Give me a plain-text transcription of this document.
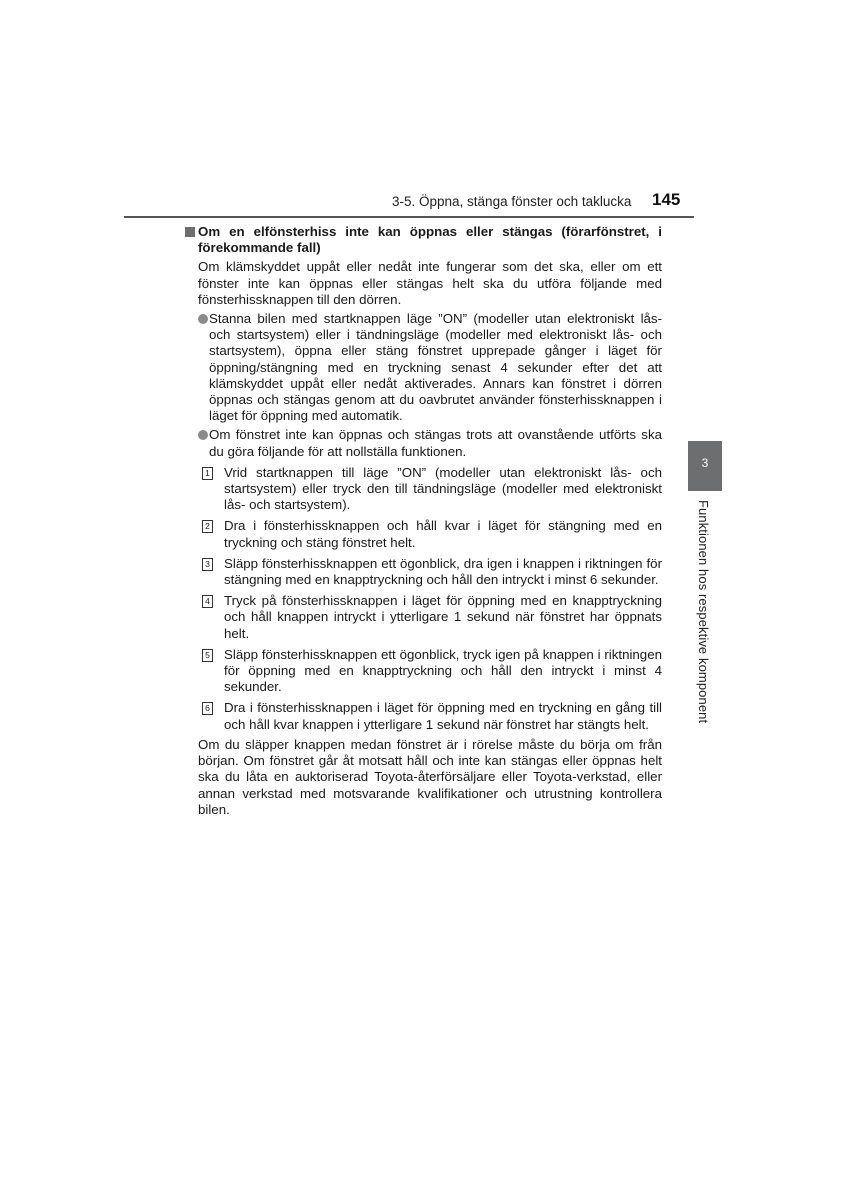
3-5. Öppna, stänga fönster och taklucka 145
3
Funktionen hos respektive komponent
Om en elfönsterhiss inte kan öppnas eller stängas (förarfönstret, i förekommande fall)
Om klämskyddet uppåt eller nedåt inte fungerar som det ska, eller om ett fönster inte kan öppnas eller stängas helt ska du utföra följande med fönsterhissknappen till den dörren.
Stanna bilen med startknappen läge ”ON” (modeller utan elektroniskt lås- och startsystem) eller i tändningsläge (modeller med elektroniskt lås- och startsystem), öppna eller stäng fönstret upprepade gånger i läget för öppning/stängning med en tryckning senast 4 sekunder efter det att klämskyddet uppåt eller nedåt aktiverades. Annars kan fönstret i dörren öppnas och stängas genom att du oavbrutet använder fönsterhissknappen i läget för öppning med automatik.
Om fönstret inte kan öppnas och stängas trots att ovanstående utförts ska du göra följande för att nollställa funktionen.
1 Vrid startknappen till läge ”ON” (modeller utan elektroniskt lås- och startsystem) eller tryck den till tändningsläge (modeller med elektroniskt lås- och startsystem).
2 Dra i fönsterhissknappen och håll kvar i läget för stängning med en tryckning och stäng fönstret helt.
3 Släpp fönsterhissknappen ett ögonblick, dra igen i knappen i riktningen för stängning med en knapptryckning och håll den intryckt i minst 6 sekunder.
4 Tryck på fönsterhissknappen i läget för öppning med en knapptryckning och håll knappen intryckt i ytterligare 1 sekund när fönstret har öppnats helt.
5 Släpp fönsterhissknappen ett ögonblick, tryck igen på knappen i riktningen för öppning med en knapptryckning och håll den intryckt i minst 4 sekunder.
6 Dra i fönsterhissknappen i läget för öppning med en tryckning en gång till och håll kvar knappen i ytterligare 1 sekund när fönstret har stängts helt.
Om du släpper knappen medan fönstret är i rörelse måste du börja om från början. Om fönstret går åt motsatt håll och inte kan stängas eller öppnas helt ska du låta en auktoriserad Toyota-återförsäljare eller Toyota-verkstad, eller annan verkstad med motsvarande kvalifikationer och utrustning kontrollera bilen.
